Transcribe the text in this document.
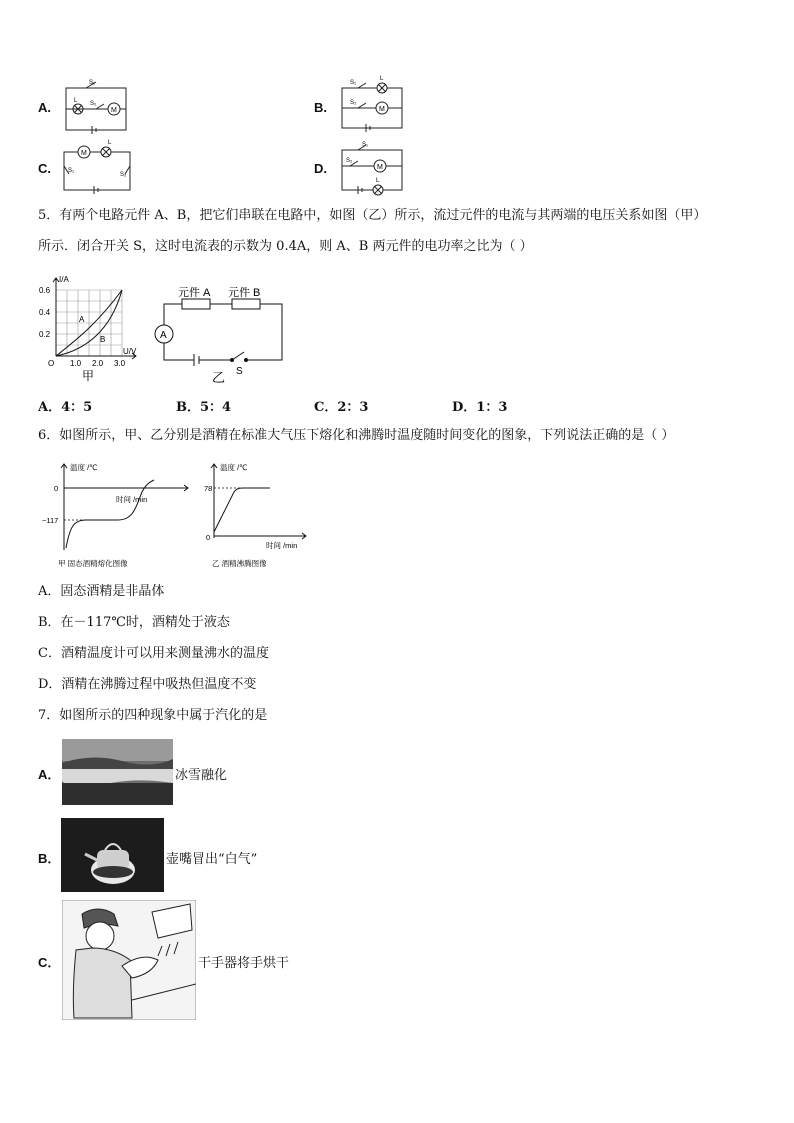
A.
S₁
S₂
M
L	B.
S₁
S₂
M
L
C.
M
L
S₁
S₂	D.
S₁
S₂
M
L
5．有两个电路元件 A、B，把它们串联在电路中，如图（乙）所示，流过元件的电流与其两端的电压关系如图（甲）
所示．闭合开关 S，这时电流表的示数为 0.4A，则 A、B 两元件的电功率之比为（ ）
I/A
U/V
O
0.6
0.4
0.2
1.0 2.0 3.0
A
B
甲
元件 A 元件 B
A
S
乙
A．4：5	B．5：4	C．2：3	D．1：3
6．如图所示，甲、乙分别是酒精在标准大气压下熔化和沸腾时温度随时间变化的图象，下列说法正确的是（ ）
温度 /℃
时间 /min
0
−117
甲 固态酒精熔化图像
温度 /℃
时间 /min
78
0
乙 酒精沸腾图像
A．固态酒精是非晶体
B．在－117℃时，酒精处于液态
C．酒精温度计可以用来测量沸水的温度
D．酒精在沸腾过程中吸热但温度不变
7．如图所示的四种现象中属于汽化的是
A．	冰雪融化
B．	壶嘴冒出“白气”
C．	干手器将手烘干
